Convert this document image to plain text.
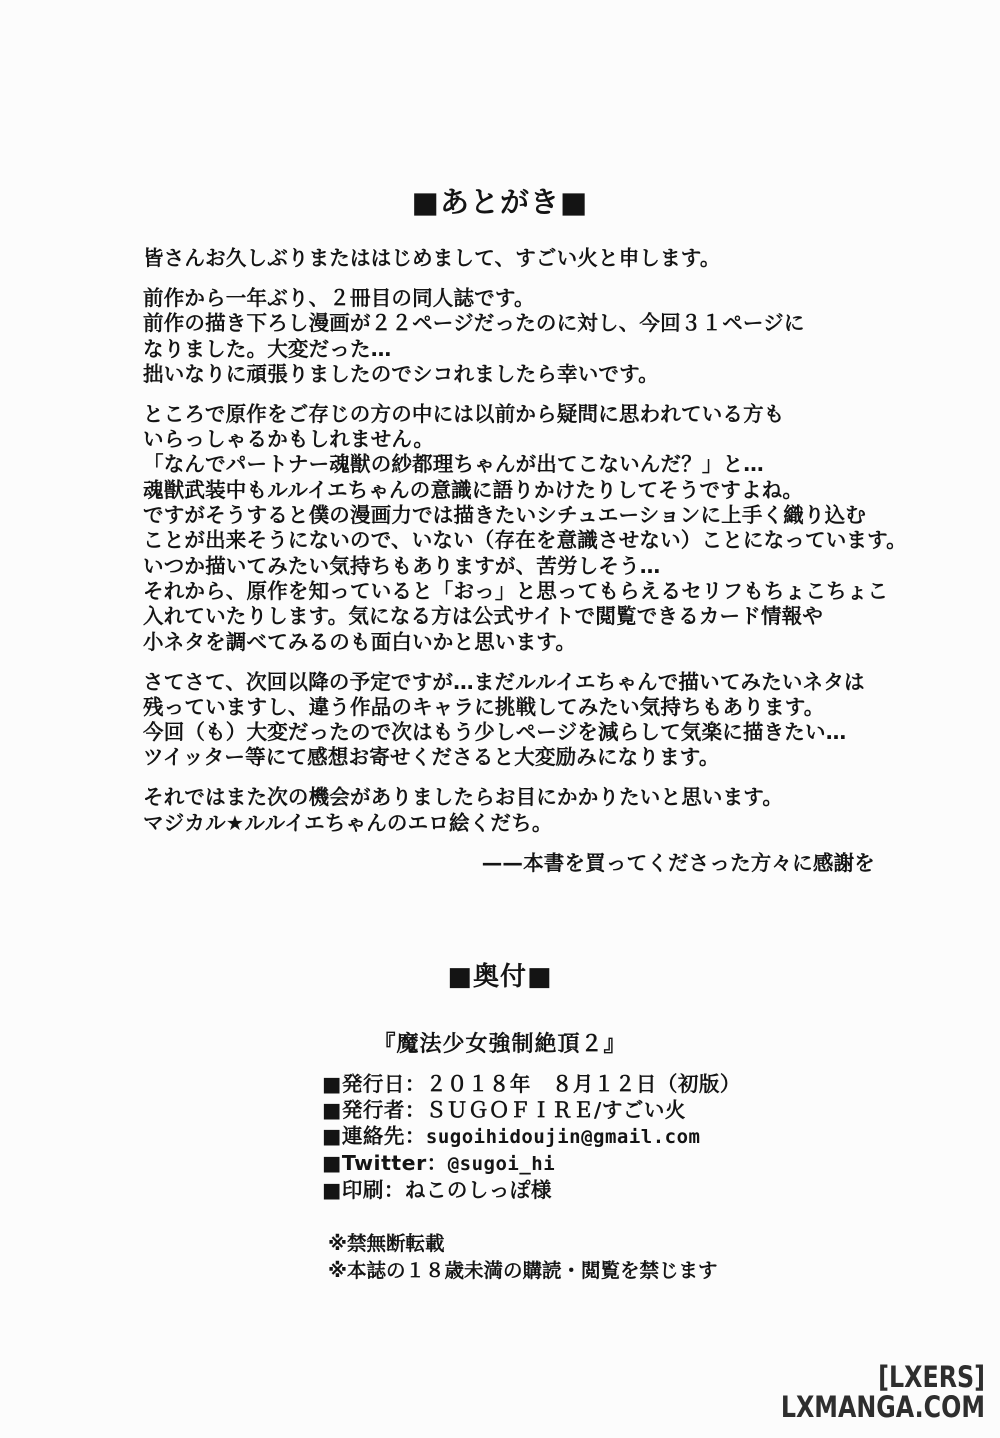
■あとがき■
皆さんお久しぶりまたははじめまして、すごい火と申します。
前作から一年ぶり、２冊目の同人誌です。
前作の描き下ろし漫画が２２ページだったのに対し、今回３１ページに
なりました。大変だった…
拙いなりに頑張りましたのでシコれましたら幸いです。
ところで原作をご存じの方の中には以前から疑問に思われている方も
いらっしゃるかもしれません。
「なんでパートナー魂獣の紗都理ちゃんが出てこないんだ？」と…
魂獣武装中もルルイエちゃんの意識に語りかけたりしてそうですよね。
ですがそうすると僕の漫画力では描きたいシチュエーションに上手く織り込む
ことが出来そうにないので、いない（存在を意識させない）ことになっています。
いつか描いてみたい気持ちもありますが、苦労しそう…
それから、原作を知っていると「おっ」と思ってもらえるセリフもちょこちょこ
入れていたりします。気になる方は公式サイトで閲覧できるカード情報や
小ネタを調べてみるのも面白いかと思います。
さてさて、次回以降の予定ですが…まだルルイエちゃんで描いてみたいネタは
残っていますし、違う作品のキャラに挑戦してみたい気持ちもあります。
今回（も）大変だったので次はもう少しページを減らして気楽に描きたい…
ツイッター等にて感想お寄せくださると大変励みになります。
それではまた次の機会がありましたらお目にかかりたいと思います。
マジカル★ルルイエちゃんのエロ絵くだち。
——本書を買ってくださった方々に感謝を
■奥付■
『魔法少女強制絶頂２』
■発行日：２０１８年　８月１２日（初版）
■発行者：ＳＵＧＯＦＩＲＥ/すごい火
■連絡先：sugoihidoujin@gmail.com
■Twitter：@sugoi_hi
■印刷：ねこのしっぽ様
※禁無断転載
※本誌の１８歳未満の購読・閲覧を禁じます
[LXERS]
LXMANGA.COM
